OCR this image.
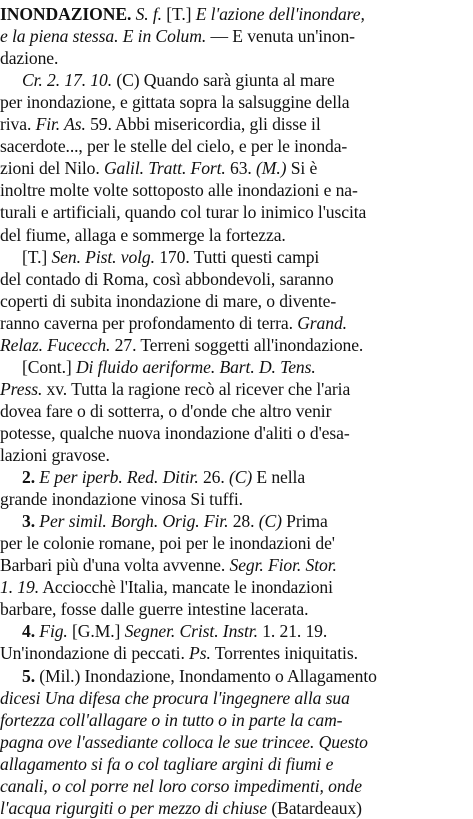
INONDAZIONE. S. f. [T.] E l'azione dell'inondare,
e la piena stessa. E in Colum. — E venuta un'inon-
dazione.
Cr. 2. 17. 10. (C) Quando sarà giunta al mare
per inondazione, e gittata sopra la salsuggine della
riva. Fir. As. 59. Abbi misericordia, gli disse il
sacerdote..., per le stelle del cielo, e per le inonda-
zioni del Nilo. Galil. Tratt. Fort. 63. (M.) Si è
inoltre molte volte sottoposto alle inondazioni e na-
turali e artificiali, quando col turar lo inimico l'uscita
del fiume, allaga e sommerge la fortezza.
[T.] Sen. Pist. volg. 170. Tutti questi campi
del contado di Roma, così abbondevoli, saranno
coperti di subita inondazione di mare, o divente-
ranno caverna per profondamento di terra. Grand.
Relaz. Fucecch. 27. Terreni soggetti all'inondazione.
[Cont.] Di fluido aeriforme. Bart. D. Tens.
Press. xv. Tutta la ragione recò al ricever che l'aria
dovea fare o di sotterra, o d'onde che altro venir
potesse, qualche nuova inondazione d'aliti o d'esa-
lazioni gravose.
2. E per iperb. Red. Ditir. 26. (C) E nella
grande inondazione vinosa Si tuffi.
3. Per simil. Borgh. Orig. Fir. 28. (C) Prima
per le colonie romane, poi per le inondazioni de'
Barbari più d'una volta avvenne. Segr. Fior. Stor.
1. 19. Acciocchè l'Italia, mancate le inondazioni
barbare, fosse dalle guerre intestine lacerata.
4. Fig. [G.M.] Segner. Crist. Instr. 1. 21. 19.
Un'inondazione di peccati. Ps. Torrentes iniquitatis.
5. (Mil.) Inondazione, Inondamento o Allagamento
dicesi Una difesa che procura l'ingegnere alla sua
fortezza coll'allagare o in tutto o in parte la cam-
pagna ove l'assediante colloca le sue trincee. Questo
allagamento si fa o col tagliare argini di fiumi e
canali, o col porre nel loro corso impedimenti, onde
l'acqua rigurgiti o per mezzo di chiuse (Batardeaux)
